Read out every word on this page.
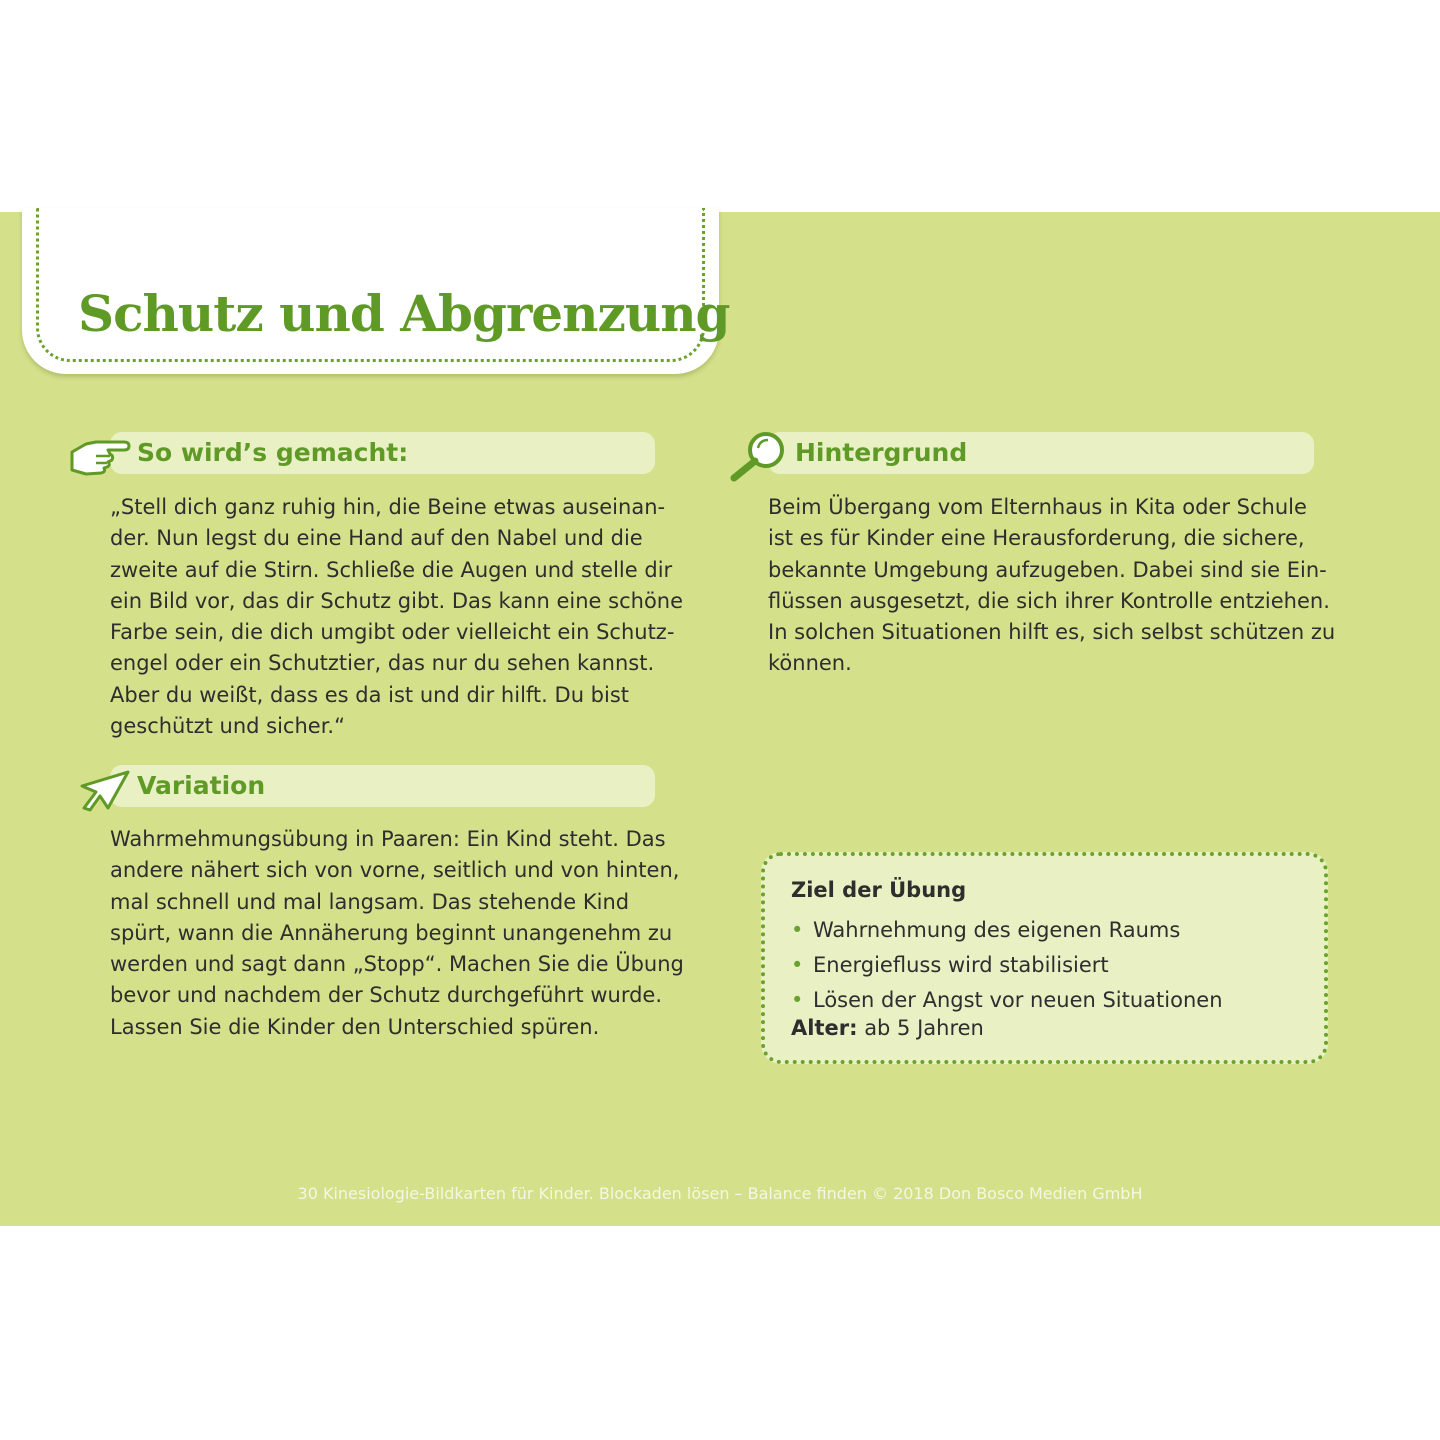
Schutz und Abgrenzung
So wird’s gemacht:

„Stell dich ganz ruhig hin, die Beine etwas auseinan-
der. Nun legst du eine Hand auf den Nabel und die
zweite auf die Stirn. Schließe die Augen und stelle dir
ein Bild vor, das dir Schutz gibt. Das kann eine schöne
Farbe sein, die dich umgibt oder vielleicht ein Schutz-
engel oder ein Schutztier, das nur du sehen kannst.
Aber du weißt, dass es da ist und dir hilft. Du bist
geschützt und sicher.“

Variation

Wahrmehmungsübung in Paaren: Ein Kind steht. Das
andere nähert sich von vorne, seitlich und von hinten,
mal schnell und mal langsam. Das stehende Kind
spürt, wann die Annäherung beginnt unangenehm zu
werden und sagt dann „Stopp“. Machen Sie die Übung
bevor und nachdem der Schutz durchgeführt wurde.
Lassen Sie die Kinder den Unterschied spüren.

Hintergrund

Beim Übergang vom Elternhaus in Kita oder Schule
ist es für Kinder eine Herausforderung, die sichere,
bekannte Umgebung aufzugeben. Dabei sind sie Ein-
flüssen ausgesetzt, die sich ihrer Kontrolle entziehen.
In solchen Situationen hilft es, sich selbst schützen zu
können.

Ziel der Übung
• Wahrnehmung des eigenen Raums
• Energiefluss wird stabilisiert
• Lösen der Angst vor neuen Situationen
Alter: ab 5 Jahren
30 Kinesiologie-Bildkarten für Kinder. Blockaden lösen – Balance finden © 2018 Don Bosco Medien GmbH
